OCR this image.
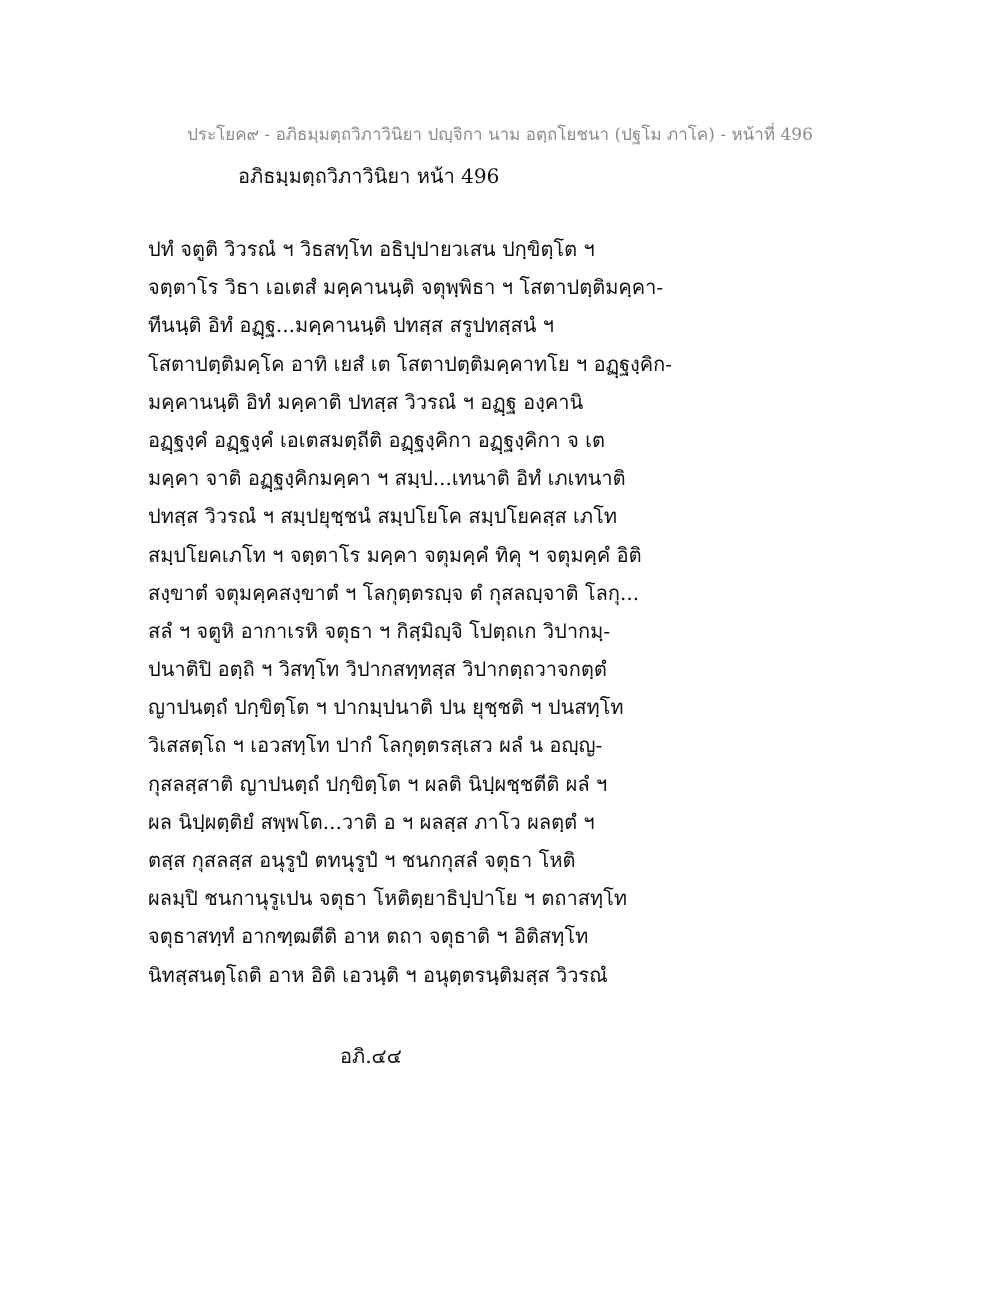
ประโยค๙ - อภิธมฺมตฺถวิภาวินิยา ปญฺจิกา นาม อตฺถโยชนา (ปฐโม ภาโค) - หน้าที่ 496
อภิธมฺมตฺถวิภาวินิยา หน้า 496
ปทํ จตูติ วิวรณํ ฯ วิธสทฺโท อธิปฺปายวเสน ปกฺขิตฺโต ฯ
จตฺตาโร วิธา เอเตสํ มคฺคานนฺติ จตุพฺพิธา ฯ โสตาปตฺติมคฺคา-
ทีนนฺติ อิทํ อฏฺฐ...มคฺคานนฺติ ปทสฺส สรูปทสฺสนํ ฯ
โสตาปตฺติมคฺโค อาทิ เยสํ เต โสตาปตฺติมคฺคาทโย ฯ อฏฺฐงฺคิก-
มคฺคานนฺติ อิทํ มคฺคาติ ปทสฺส วิวรณํ ฯ อฏฺฐ องฺคานิ
อฏฺฐงฺคํ อฏฺฐงฺคํ เอเตสมตฺถีติ อฏฺฐงฺคิกา อฏฺฐงฺคิกา จ เต
มคฺคา จาติ อฏฺฐงฺคิกมคฺคา ฯ สมฺป...เทนาติ อิทํ เภเทนาติ
ปทสฺส วิวรณํ ฯ สมฺปยุชฺชนํ สมฺปโยโค สมฺปโยคสฺส เภโท
สมฺปโยคเภโท ฯ จตฺตาโร มคฺคา จตุมคฺคํ ทิคุ ฯ จตุมคฺคํ อิติ
สงฺขาตํ จตุมคฺคสงฺขาตํ ฯ โลกุตฺตรญฺจ ตํ กุสลญฺจาติ โลกุ...
สลํ ฯ จตูหิ อากาเรหิ จตุธา ฯ กิสฺมิญฺจิ โปตฺถเก วิปากมฺ-
ปนาติปิ อตฺถิ ฯ วิสทฺโท วิปากสทฺทสฺส วิปากตฺถวาจกตฺตํ
ญาปนตฺถํ ปกฺขิตฺโต ฯ ปากมฺปนาติ ปน ยุชฺชติ ฯ ปนสทฺโท
วิเสสตฺโถ ฯ เอวสทฺโท ปากํ โลกุตฺตรสฺเสว ผลํ น อญฺญ-
กุสลสฺสาติ ญาปนตฺถํ ปกฺขิตฺโต ฯ ผลติ นิปฺผชฺชตีติ ผลํ ฯ
ผล นิปฺผตฺติยํ สพฺพโต...วาติ อ ฯ ผลสฺส ภาโว ผลตฺตํ ฯ
ตสฺส กุสลสฺส อนุรูปํ ตทนุรูปํ ฯ ชนกกุสลํ จตุธา โหติ
ผลมฺปิ ชนกานุรูเปน จตุธา โหติตฺยาธิปฺปาโย ฯ ตถาสทฺโท
จตุธาสทฺทํ อากฑฺฒตีติ อาห ตถา จตุธาติ ฯ อิติสทฺโท
นิทสฺสนตฺโถติ อาห อิติ เอวนฺติ ฯ อนุตฺตรนฺติมสฺส วิวรณํ
อภิ.๔๔
